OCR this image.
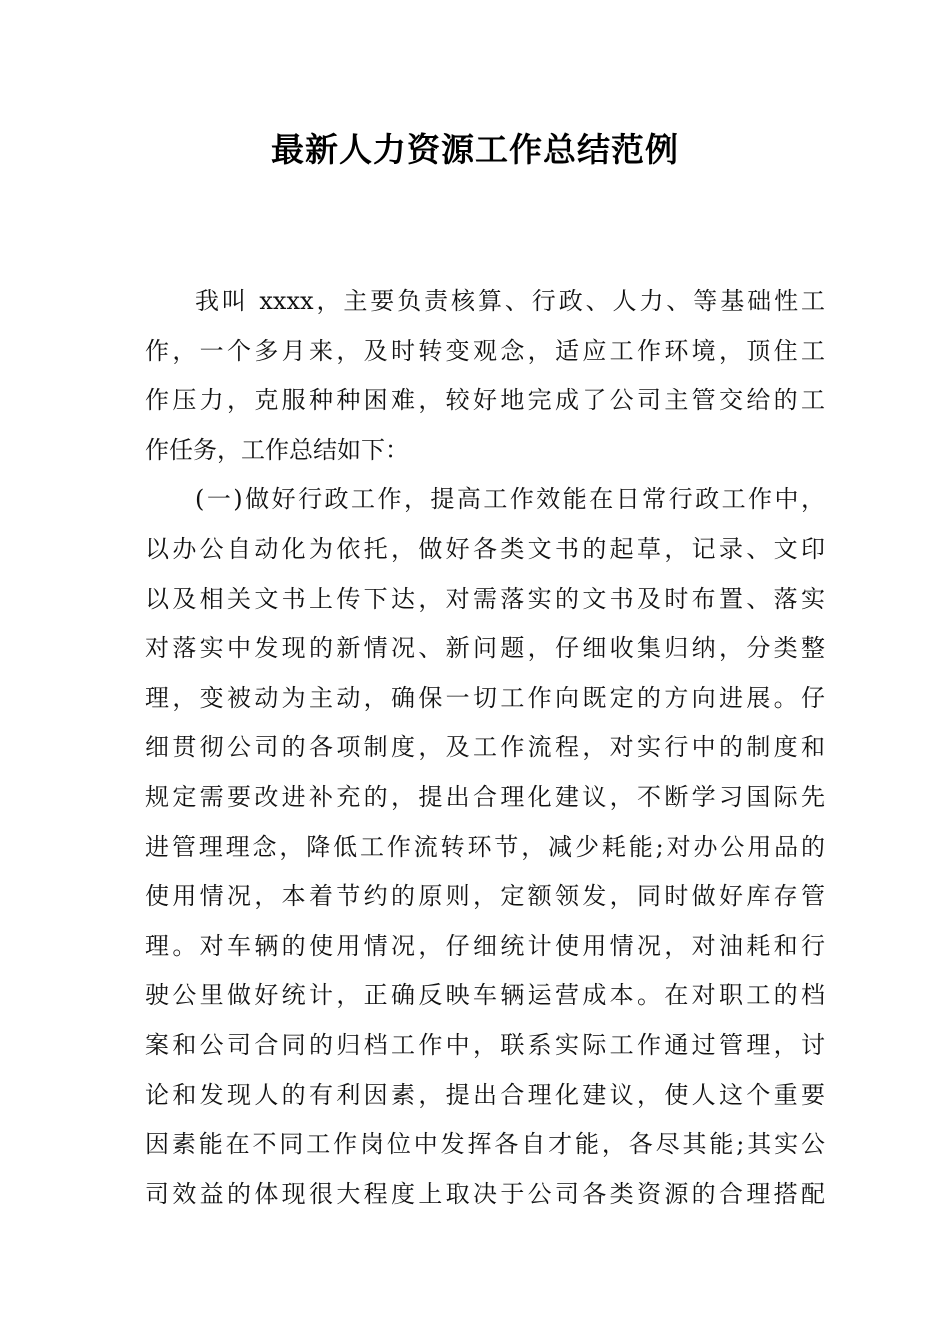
最新人力资源工作总结范例
我叫 xxxx，主要负责核算、行政、人力、等基础性工
作，一个多月来，及时转变观念，适应工作环境，顶住工
作压力，克服种种困难，较好地完成了公司主管交给的工
作任务，工作总结如下：
(一)做好行政工作，提高工作效能在日常行政工作中，
以办公自动化为依托，做好各类文书的起草，记录、文印
以及相关文书上传下达，对需落实的文书及时布置、落实
对落实中发现的新情况、新问题，仔细收集归纳，分类整
理，变被动为主动，确保一切工作向既定的方向进展。仔
细贯彻公司的各项制度，及工作流程，对实行中的制度和
规定需要改进补充的，提出合理化建议，不断学习国际先
进管理理念，降低工作流转环节，减少耗能;对办公用品的
使用情况，本着节约的原则，定额领发，同时做好库存管
理。对车辆的使用情况，仔细统计使用情况，对油耗和行
驶公里做好统计，正确反映车辆运营成本。在对职工的档
案和公司合同的归档工作中，联系实际工作通过管理，讨
论和发现人的有利因素，提出合理化建议，使人这个重要
因素能在不同工作岗位中发挥各自才能，各尽其能;其实公
司效益的体现很大程度上取决于公司各类资源的合理搭配
